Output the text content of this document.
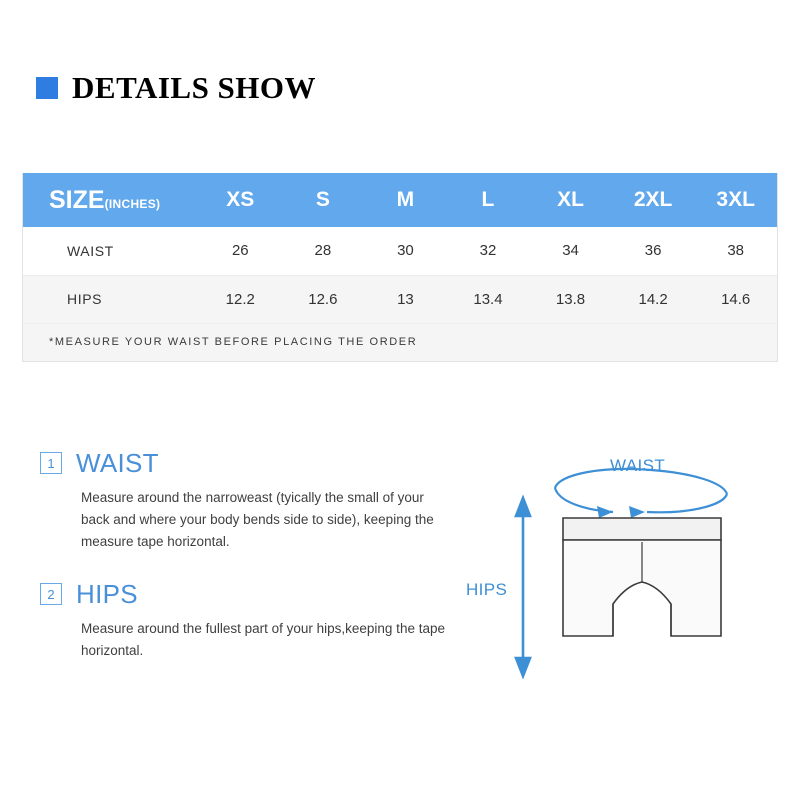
DETAILS SHOW
SIZE(INCHES)	XS	S	M	L	XL	2XL	3XL
WAIST	26	28	30	32	34	36	38
HIPS	12.2	12.6	13	13.4	13.8	14.2	14.6
*MEASURE YOUR WAIST BEFORE PLACING THE ORDER							
1 WAIST
Measure around the narroweast (tyically the small of your back and where your body bends side to side), keeping the measure tape horizontal.
2 HIPS
Measure around the fullest part of your hips,keeping the tape horizontal.
WAIST
HIPS
